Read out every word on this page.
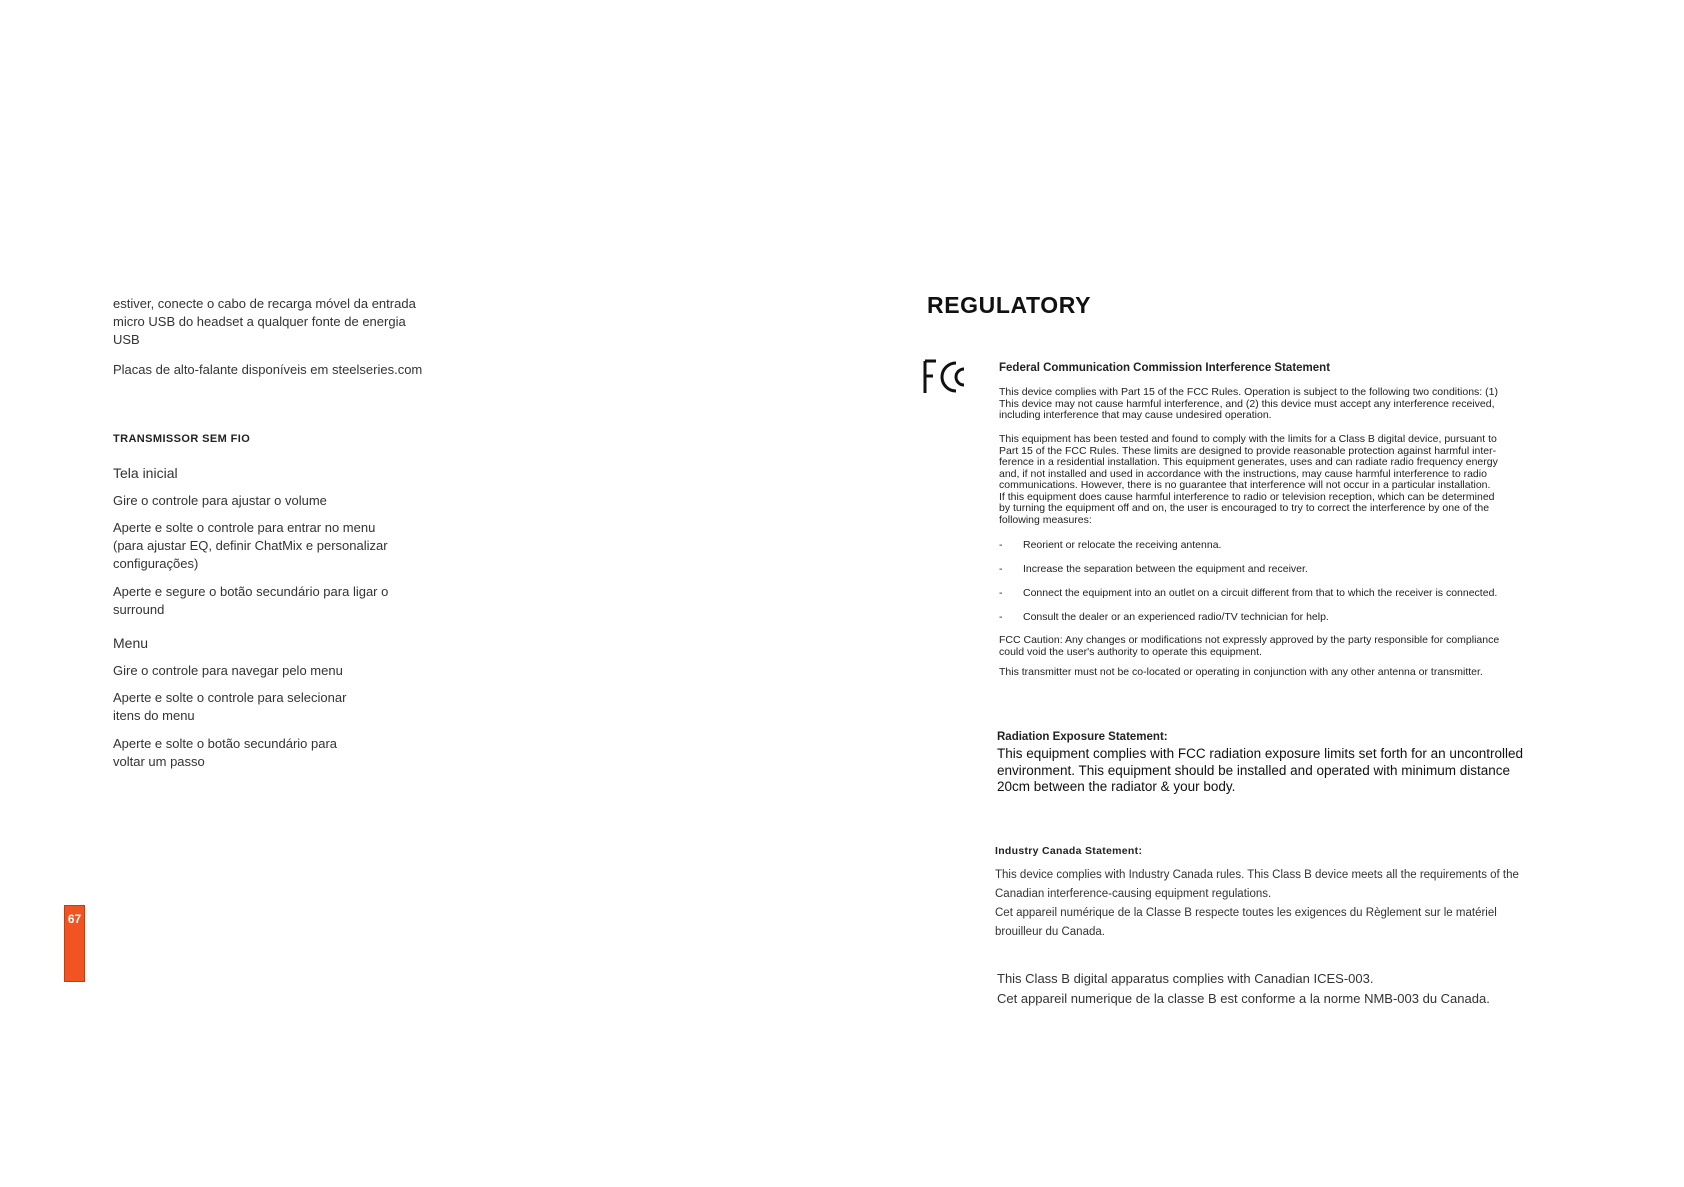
estiver, conecte o cabo de recarga móvel da entrada
micro USB do headset a qualquer fonte de energia
USB
Placas de alto-falante disponíveis em steelseries.com
TRANSMISSOR SEM FIO
Tela inicial
Gire o controle para ajustar o volume
Aperte e solte o controle para entrar no menu
(para ajustar EQ, definir ChatMix e personalizar
configurações)
Aperte e segure o botão secundário para ligar o
surround
Menu
Gire o controle para navegar pelo menu
Aperte e solte o controle para selecionar
itens do menu
Aperte e solte o botão secundário para
voltar um passo
67
REGULATORY
Federal Communication Commission Interference Statement
This device complies with Part 15 of the FCC Rules. Operation is subject to the following two conditions: (1)
This device may not cause harmful interference, and (2) this device must accept any interference received,
including interference that may cause undesired operation.
This equipment has been tested and found to comply with the limits for a Class B digital device, pursuant to
Part 15 of the FCC Rules. These limits are designed to provide reasonable protection against harmful inter-
ference in a residential installation. This equipment generates, uses and can radiate radio frequency energy
and, if not installed and used in accordance with the instructions, may cause harmful interference to radio
communications. However, there is no guarantee that interference will not occur in a particular installation.
If this equipment does cause harmful interference to radio or television reception, which can be determined
by turning the equipment off and on, the user is encouraged to try to correct the interference by one of the
following measures:
- Reorient or relocate the receiving antenna.
- Increase the separation between the equipment and receiver.
- Connect the equipment into an outlet on a circuit different from that to which the receiver is connected.
- Consult the dealer or an experienced radio/TV technician for help.
FCC Caution: Any changes or modifications not expressly approved by the party responsible for compliance
could void the user's authority to operate this equipment.
This transmitter must not be co-located or operating in conjunction with any other antenna or transmitter.
Radiation Exposure Statement:
This equipment complies with FCC radiation exposure limits set forth for an uncontrolled
environment. This equipment should be installed and operated with minimum distance
20cm between the radiator & your body.
Industry Canada Statement:
This device complies with Industry Canada rules. This Class B device meets all the requirements of the
Canadian interference-causing equipment regulations.
Cet appareil numérique de la Classe B respecte toutes les exigences du Règlement sur le matériel
brouilleur du Canada.
This Class B digital apparatus complies with Canadian ICES-003.
Cet appareil numerique de la classe B est conforme a la norme NMB-003 du Canada.
